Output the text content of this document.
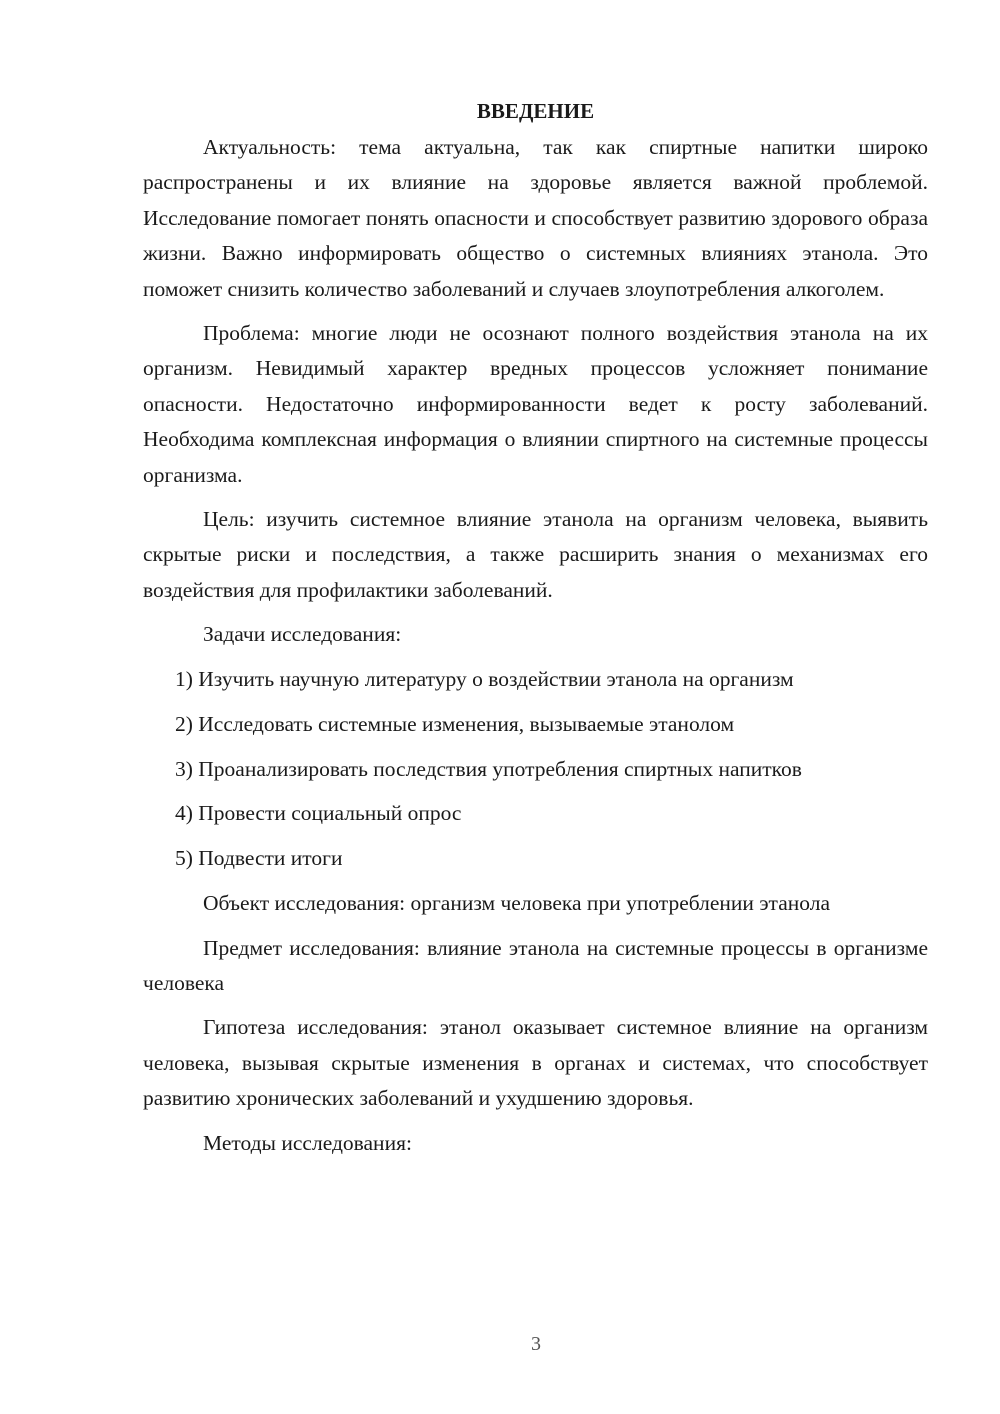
ВВЕДЕНИЕ

Актуальность: тема актуальна, так как спиртные напитки широко распространены и их влияние на здоровье является важной проблемой. Исследование помогает понять опасности и способствует развитию здорового образа жизни. Важно информировать общество о системных влияниях этанола. Это поможет снизить количество заболеваний и случаев злоупотребления алкоголем.

Проблема: многие люди не осознают полного воздействия этанола на их организм. Невидимый характер вредных процессов усложняет понимание опасности. Недостаточно информированности ведет к росту заболеваний. Необходима комплексная информация о влиянии спиртного на системные процессы организма.

Цель: изучить системное влияние этанола на организм человека, выявить скрытые риски и последствия, а также расширить знания о механизмах его воздействия для профилактики заболеваний.

Задачи исследования:

1) Изучить научную литературу о воздействии этанола на организм
2) Исследовать системные изменения, вызываемые этанолом
3) Проанализировать последствия употребления спиртных напитков
4) Провести социальный опрос
5) Подвести итоги

Объект исследования: организм человека при употреблении этанола

Предмет исследования: влияние этанола на системные процессы в организме человека

Гипотеза исследования: этанол оказывает системное влияние на организм человека, вызывая скрытые изменения в органах и системах, что способствует развитию хронических заболеваний и ухудшению здоровья.

Методы исследования:

3
